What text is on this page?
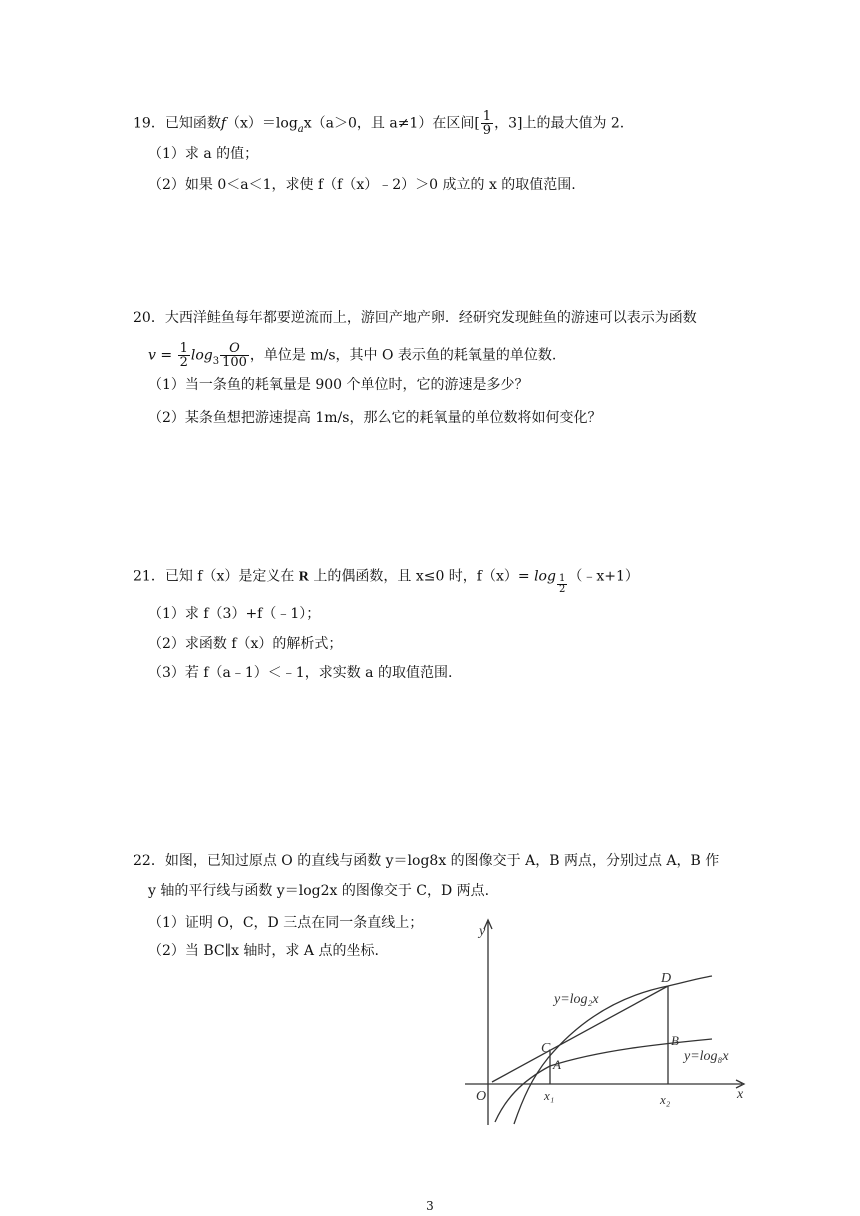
19．已知函数$f(x)=\log_ax(a>0$，且 a≠1）在区间[ $\frac{1}{9}$ ，3]上的最大值为 2.
（1）求 a 的值；
（2）如果 0＜a＜1，求使 f（f（x）﹣2）＞0 成立的 x 的取值范围.
20．大西洋鲑鱼每年都要逆流而上，游回产地产卵．经研究发现鲑鱼的游速可以表示为函数
$v = \frac{1}{2} \log_3 \frac{O}{100}$ ，单位是 m/s，其中 O 表示鱼的耗氧量的单位数.
（1）当一条鱼的耗氧量是 900 个单位时，它的游速是多少？
（2）某条鱼想把游速提高 1m/s，那么它的耗氧量的单位数将如何变化？
21．已知 f（x）是定义在 R 上的偶函数，且 x≤0 时，$f(x)= \log \frac{1}{2}$ （﹣x+1）
（1）求 f（3）+f（﹣1）；
（2）求函数 f（x）的解析式；
（3）若 f（a﹣1）＜﹣1，求实数 a 的取值范围.
22．如图，已知过原点 O 的直线与函数 y＝log8x 的图像交于 A，B 两点，分别过点 A，B 作
y 轴的平行线与函数 y＝log2x 的图像交于 C，D 两点.
（1）证明 O，C，D 三点在同一条直线上；
（2）当 BC∥x 轴时，求 A 点的坐标.
y
x
O
C
A
B
D
x₁	x₂
y=log₂x
y=log₈x
3
